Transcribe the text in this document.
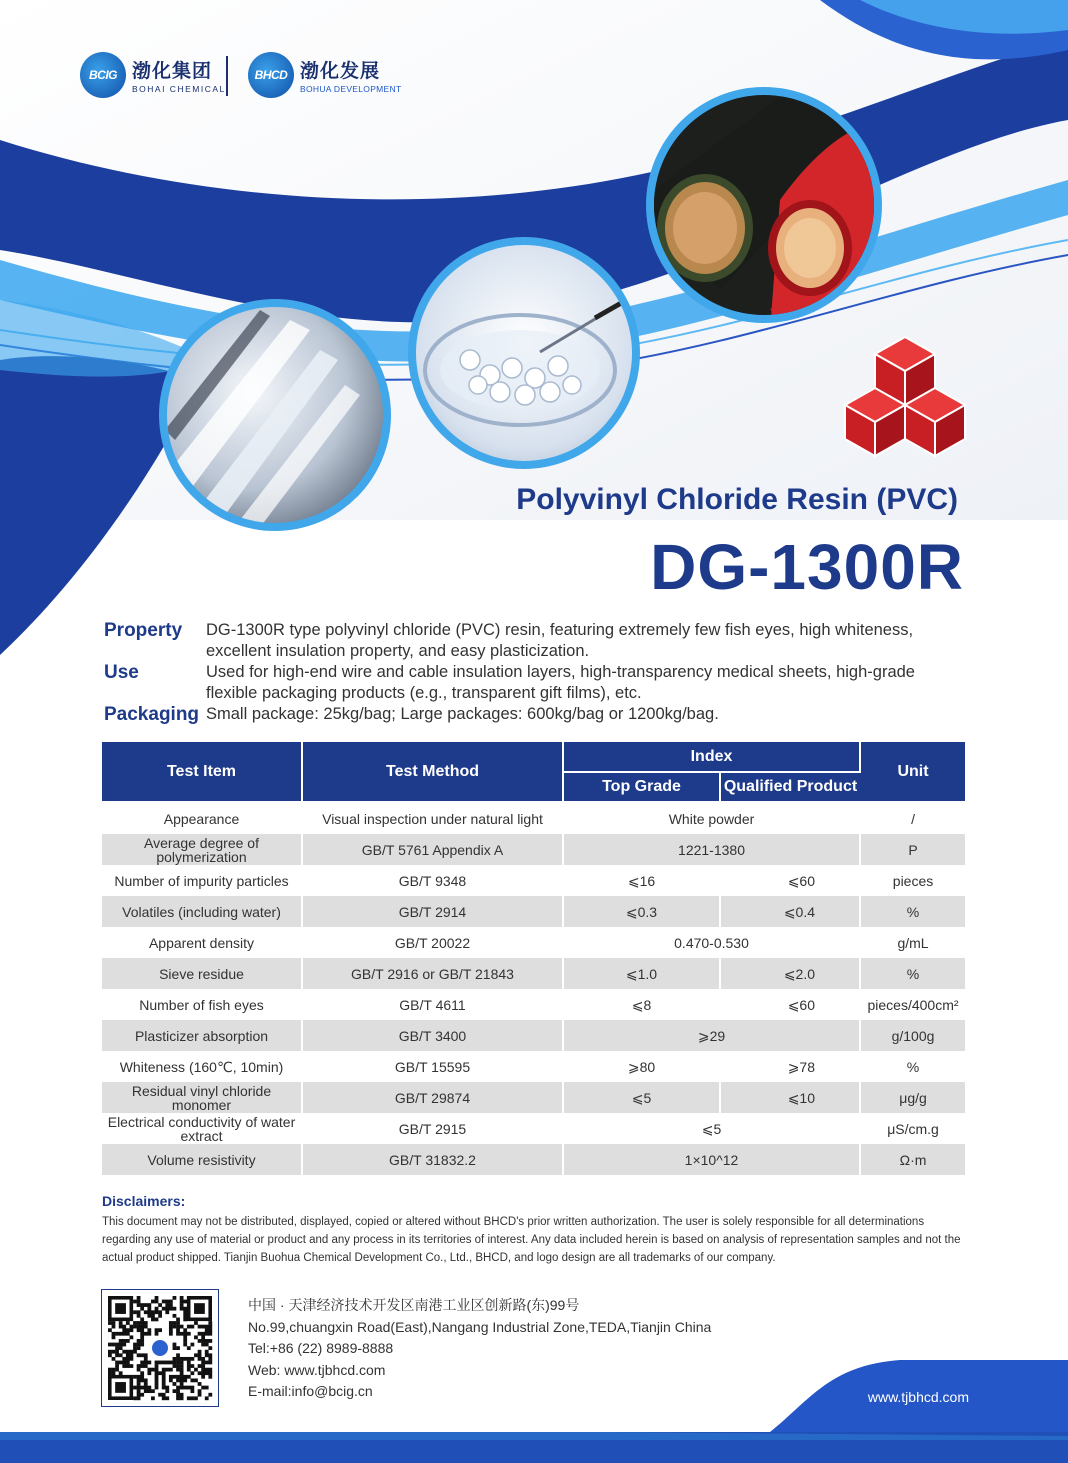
BCIG 渤化集团
BOHAI CHEMICAL
BHCD 渤化发展
BOHUA DEVELOPMENT
Polyvinyl Chloride Resin (PVC)
DG-1300R
Property	DG-1300R type polyvinyl chloride (PVC) resin, featuring extremely few fish eyes, high whiteness, excellent insulation property, and easy plasticization.
Use	Used for high-end wire and cable insulation layers, high-transparency medical sheets, high-grade flexible packaging products (e.g., transparent gift films), etc.
Packaging Small package: 25kg/bag; Large packages: 600kg/bag or 1200kg/bag.
Test Item	Test Method	Index		Unit
		Top Grade	Qualified Product	
Appearance	Visual inspection under natural light	White powder		/
Average degree of polymerization	GB/T 5761 Appendix A	1221-1380		P
Number of impurity particles	GB/T 9348	⩽16	⩽60	pieces
Volatiles (including water)	GB/T 2914	⩽0.3	⩽0.4	%
Apparent density	GB/T 20022	0.470-0.530		g/mL
Sieve residue	GB/T 2916 or GB/T 21843	⩽1.0	⩽2.0	%
Number of fish eyes	GB/T 4611	⩽8	⩽60	pieces/400cm²
Plasticizer absorption	GB/T 3400	⩾29		g/100g
Whiteness (160℃, 10min)	GB/T 15595	⩾80	⩾78	%
Residual vinyl chloride monomer	GB/T 29874	⩽5	⩽10	μg/g
Electrical conductivity of water extract	GB/T 2915	⩽5		μS/cm.g
Volume resistivity	GB/T 31832.2	1×10^12		Ω·m
Disclaimers:
This document may not be distributed, displayed, copied or altered without BHCD's prior written authorization. The user is solely responsible for all determinations regarding any use of material or product and any process in its territories of interest. Any data included herein is based on analysis of representation samples and not the actual product shipped. Tianjin Buohua Chemical Development Co., Ltd., BHCD, and logo design are all trademarks of our company.
中国 · 天津经济技术开发区南港工业区创新路(东)99号
No.99,chuangxin Road(East),Nangang Industrial Zone,TEDA,Tianjin China
Tel:+86 (22) 8989-8888
Web: www.tjbhcd.com
E-mail:info@bcig.cn	www.tjbhcd.com
